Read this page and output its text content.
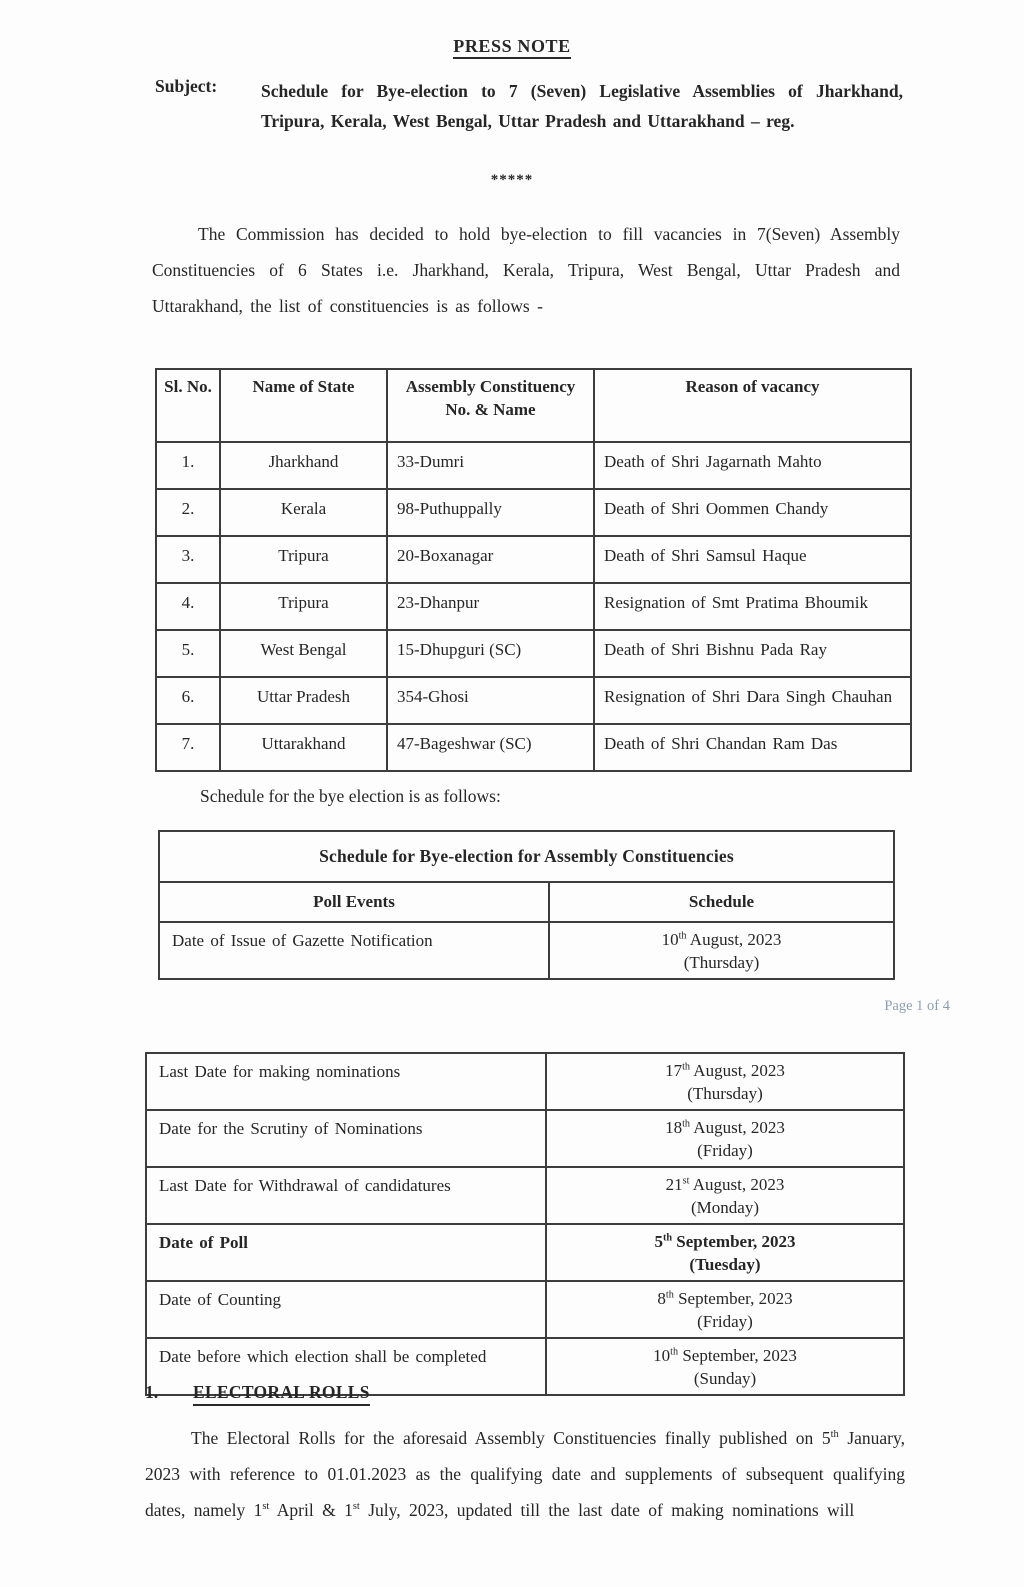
PRESS NOTE
Subject:	Schedule for Bye-election to 7 (Seven) Legislative Assemblies of Jharkhand, Tripura, Kerala, West Bengal, Uttar Pradesh and Uttarakhand – reg.
*****
The Commission has decided to hold bye-election to fill vacancies in 7(Seven) Assembly Constituencies of 6 States i.e. Jharkhand, Kerala, Tripura, West Bengal, Uttar Pradesh and Uttarakhand, the list of constituencies is as follows -
Sl. No.	Name of State	Assembly Constituency No. & Name	Reason of vacancy
1.	Jharkhand	33-Dumri	Death of Shri Jagarnath Mahto
2.	Kerala	98-Puthuppally	Death of Shri Oommen Chandy
3.	Tripura	20-Boxanagar	Death of Shri Samsul Haque
4.	Tripura	23-Dhanpur	Resignation of Smt Pratima Bhoumik
5.	West Bengal	15-Dhupguri (SC)	Death of Shri Bishnu Pada Ray
6.	Uttar Pradesh	354-Ghosi	Resignation of Shri Dara Singh Chauhan
7.	Uttarakhand	47-Bageshwar (SC)	Death of Shri Chandan Ram Das
Schedule for the bye election is as follows:
Schedule for Bye-election for Assembly Constituencies	
Poll Events	Schedule
Date of Issue of Gazette Notification	10th August, 2023
(Thursday)
Page 1 of 4
Last Date for making nominations	17th August, 2023
(Thursday)

Date for the Scrutiny of Nominations	18th August, 2023
(Friday)

Last Date for Withdrawal of candidatures	21st August, 2023
(Monday)

Date of Poll	5th September, 2023
(Tuesday)

Date of Counting	8th September, 2023
(Friday)

Date before which election shall be completed	10th September, 2023
(Sunday)
1.	ELECTORAL ROLLS
The Electoral Rolls for the aforesaid Assembly Constituencies finally published on 5th January, 2023 with reference to 01.01.2023 as the qualifying date and supplements of subsequent qualifying dates, namely 1st April & 1st July, 2023, updated till the last date of making nominations will
